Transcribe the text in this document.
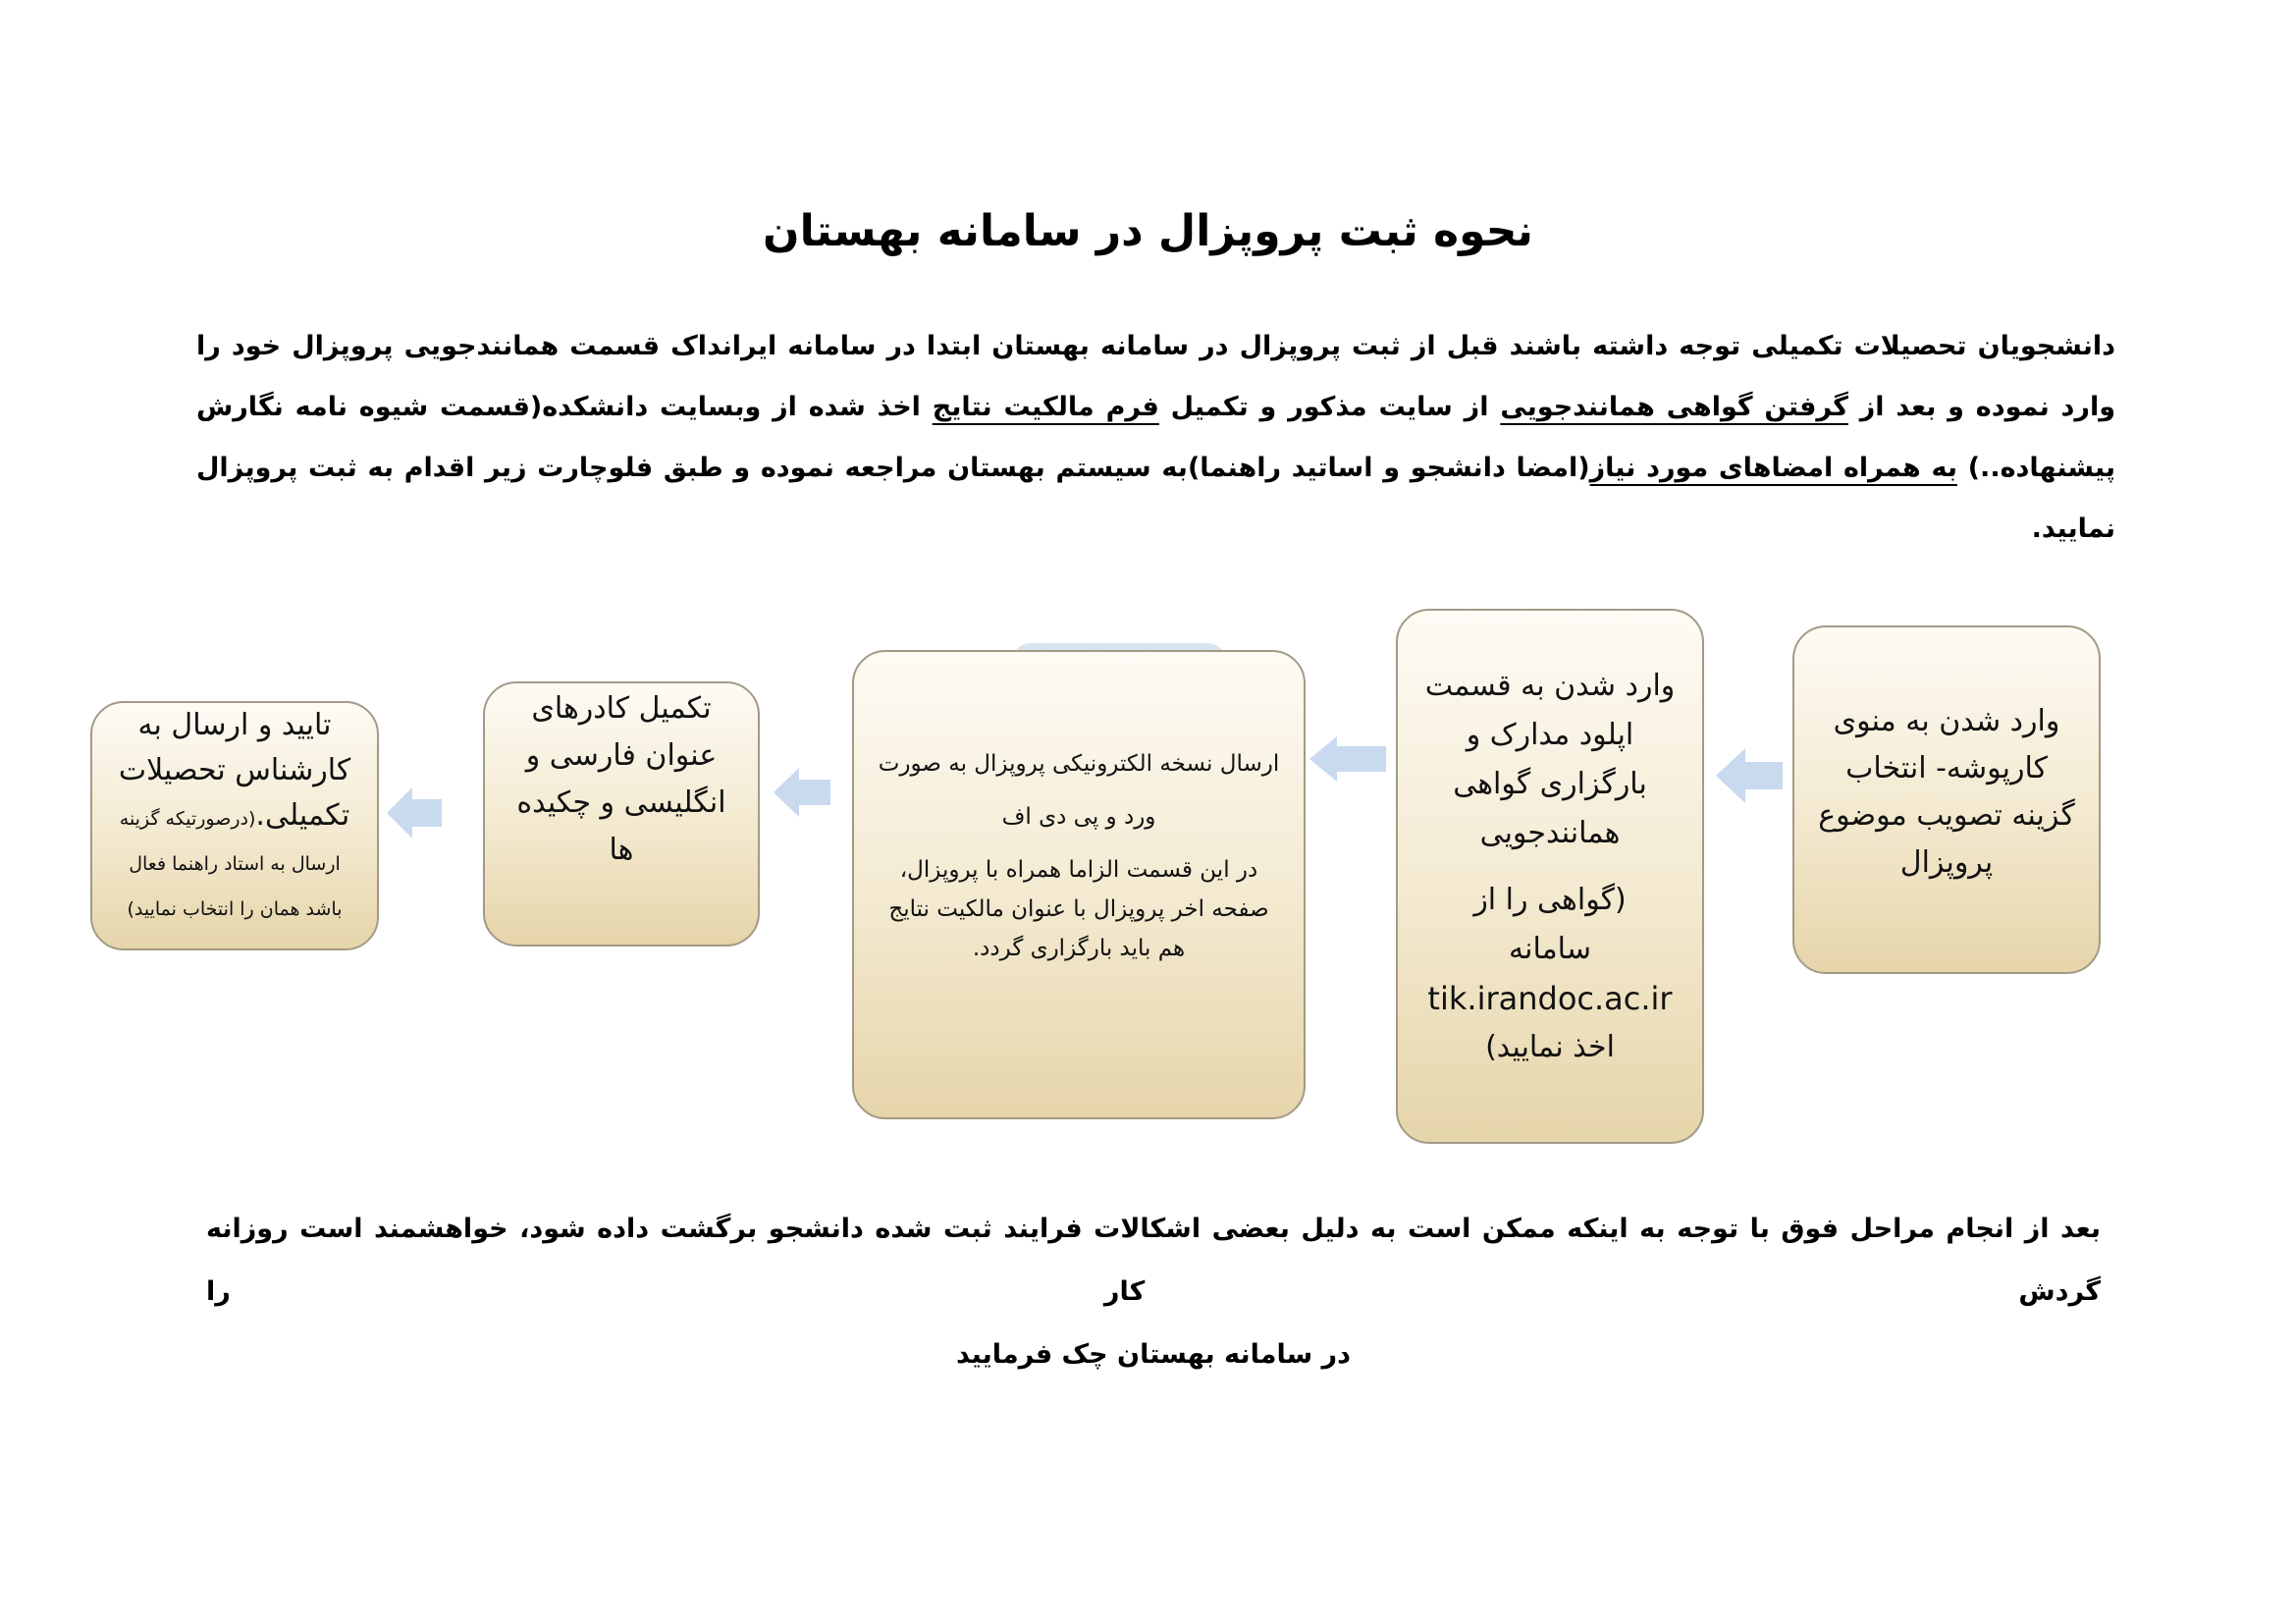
نحوه ثبت پروپزال در سامانه بهستان
دانشجویان تحصیلات تکمیلی توجه داشته باشند قبل از ثبت پروپزال در سامانه بهستان ابتدا در سامانه ایرانداک قسمت همانندجویی پروپزال خود را وارد نموده و بعد از گرفتن گواهی همانندجویی از سایت مذکور و تکمیل فرم مالکیت نتایج اخذ شده از وبسایت دانشکده(قسمت شیوه نامه نگارش پیشنهاده..) به همراه امضاهای مورد نیاز(امضا دانشجو و اساتید راهنما)به سیستم بهستان مراجعه نموده و طبق فلوچارت زیر اقدام به ثبت پروپزال نمایید.
وارد شدن به منوی کارپوشه- انتخاب گزینه تصویب موضوع پروپزال
وارد شدن به قسمت اپلود مدارک و بارگزاری گواهی همانندجویی
(گواهی را از
سامانه
tik.irandoc.ac.ir
اخذ نمایید)
ارسال نسخه الکترونیکی پروپزال به صورت
ورد و پی دی اف
در این قسمت الزاما همراه با پروپزال، صفحه اخر پروپزال با عنوان مالکیت نتایج هم باید بارگزاری گردد.
تکمیل کادرهای عنوان فارسی و انگلیسی و چکیده ها
تایید و ارسال به کارشناس تحصیلات تکمیلی.(درصورتیکه گزینه ارسال به استاد راهنما فعال باشد همان را انتخاب نمایید)
بعد از انجام مراحل فوق با توجه به اینکه ممکن است به دلیل بعضی اشکالات فرایند ثبت شده دانشجو برگشت داده شود، خواهشمند است روزانه گردش کار را
در سامانه بهستان چک فرمایید
